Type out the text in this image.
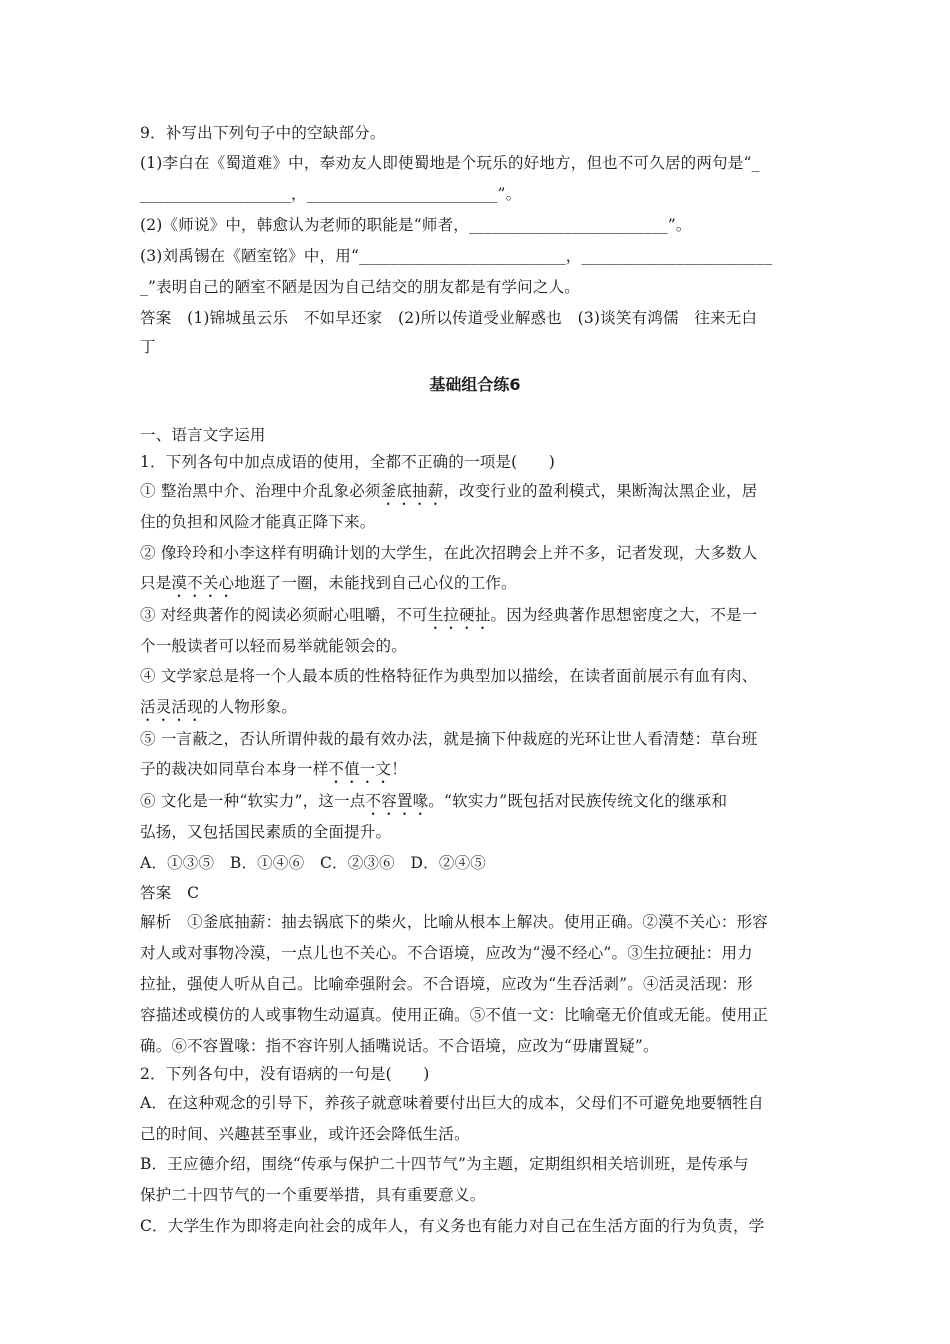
9．补写出下列句子中的空缺部分。
(1)李白在《蜀道难》中，奉劝友人即使蜀地是个玩乐的好地方，但也不可久居的两句是“_
___________________，________________________”。
(2)《师说》中，韩愈认为老师的职能是“师者，_________________________”。
(3)刘禹锡在《陋室铭》中，用“__________________________，________________________
_”表明自己的陋室不陋是因为自己结交的朋友都是有学问之人。
答案　(1)锦城虽云乐　不如早还家　(2)所以传道受业解惑也　(3)谈笑有鸿儒　往来无白
丁
基础组合练6
一、语言文字运用
1．下列各句中加点成语的使用，全都不正确的一项是(　　)
① 整治黑中介、治理中介乱象必须釜底抽薪，改变行业的盈利模式，果断淘汰黑企业，居
住的负担和风险才能真正降下来。
② 像玲玲和小李这样有明确计划的大学生，在此次招聘会上并不多，记者发现，大多数人
只是漠不关心地逛了一圈，未能找到自己心仪的工作。
③ 对经典著作的阅读必须耐心咀嚼，不可生拉硬扯。因为经典著作思想密度之大，不是一
个一般读者可以轻而易举就能领会的。
④ 文学家总是将一个人最本质的性格特征作为典型加以描绘，在读者面前展示有血有肉、
活灵活现的人物形象。
⑤ 一言蔽之，否认所谓仲裁的最有效办法，就是摘下仲裁庭的光环让世人看清楚：草台班
子的裁决如同草台本身一样不值一文！
⑥ 文化是一种“软实力”，这一点不容置喙。“软实力”既包括对民族传统文化的继承和
弘扬，又包括国民素质的全面提升。
A．①③⑤　B．①④⑥　C．②③⑥　D．②④⑤
答案　C
解析　①釜底抽薪：抽去锅底下的柴火，比喻从根本上解决。使用正确。②漠不关心：形容
对人或对事物冷漠，一点儿也不关心。不合语境，应改为“漫不经心”。③生拉硬扯：用力
拉扯，强使人听从自己。比喻牵强附会。不合语境，应改为“生吞活剥”。④活灵活现：形
容描述或模仿的人或事物生动逼真。使用正确。⑤不值一文：比喻毫无价值或无能。使用正
确。⑥不容置喙：指不容许别人插嘴说话。不合语境，应改为“毋庸置疑”。
2．下列各句中，没有语病的一句是(　　)
A．在这种观念的引导下，养孩子就意味着要付出巨大的成本，父母们不可避免地要牺牲自
己的时间、兴趣甚至事业，或许还会降低生活。
B．王应德介绍，围绕“传承与保护二十四节气”为主题，定期组织相关培训班，是传承与
保护二十四节气的一个重要举措，具有重要意义。
C．大学生作为即将走向社会的成年人，有义务也有能力对自己在生活方面的行为负责，学
